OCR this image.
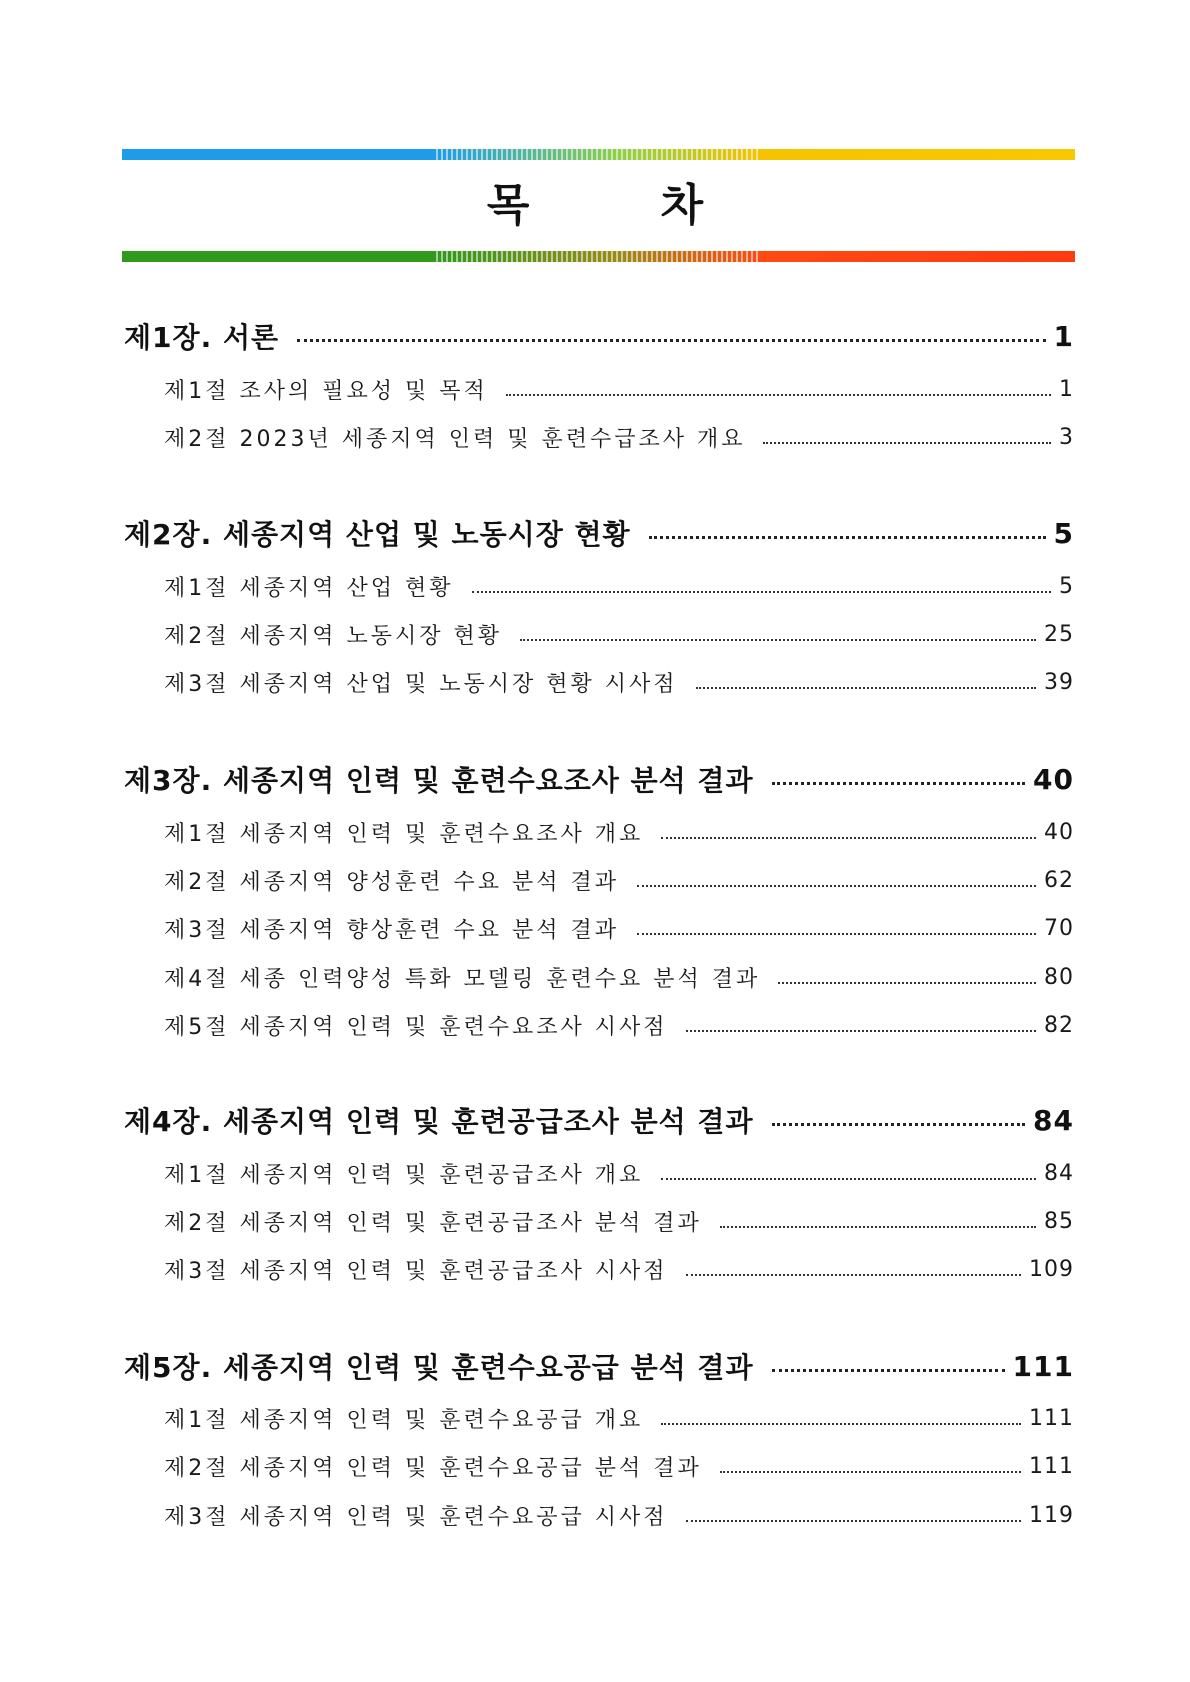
목 차
제1장. 서론	1
제1절 조사의 필요성 및 목적	1
제2절 2023년 세종지역 인력 및 훈련수급조사 개요	3
제2장. 세종지역 산업 및 노동시장 현황	5
제1절 세종지역 산업 현황	5
제2절 세종지역 노동시장 현황	25
제3절 세종지역 산업 및 노동시장 현황 시사점	39
제3장. 세종지역 인력 및 훈련수요조사 분석 결과	40
제1절 세종지역 인력 및 훈련수요조사 개요	40
제2절 세종지역 양성훈련 수요 분석 결과	62
제3절 세종지역 향상훈련 수요 분석 결과	70
제4절 세종 인력양성 특화 모델링 훈련수요 분석 결과	80
제5절 세종지역 인력 및 훈련수요조사 시사점	82
제4장. 세종지역 인력 및 훈련공급조사 분석 결과	84
제1절 세종지역 인력 및 훈련공급조사 개요	84
제2절 세종지역 인력 및 훈련공급조사 분석 결과	85
제3절 세종지역 인력 및 훈련공급조사 시사점	109
제5장. 세종지역 인력 및 훈련수요공급 분석 결과	111
제1절 세종지역 인력 및 훈련수요공급 개요	111
제2절 세종지역 인력 및 훈련수요공급 분석 결과	111
제3절 세종지역 인력 및 훈련수요공급 시사점	119
